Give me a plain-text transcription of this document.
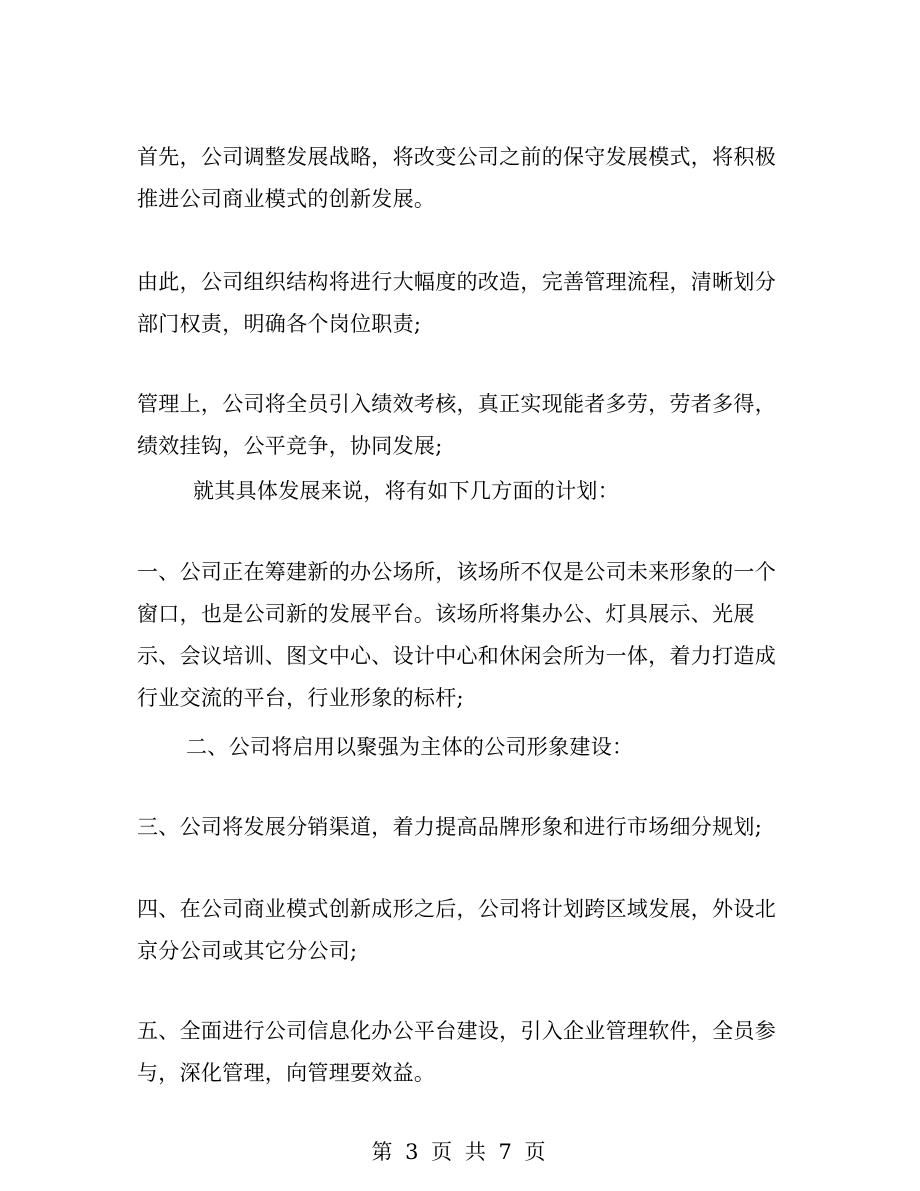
首先，公司调整发展战略，将改变公司之前的保守发展模式，将积极推进公司商业模式的创新发展。

由此，公司组织结构将进行大幅度的改造，完善管理流程，清晰划分部门权责，明确各个岗位职责;

管理上，公司将全员引入绩效考核，真正实现能者多劳，劳者多得，绩效挂钩，公平竞争，协同发展;

就其具体发展来说，将有如下几方面的计划：

一、公司正在筹建新的办公场所，该场所不仅是公司未来形象的一个窗口，也是公司新的发展平台。该场所将集办公、灯具展示、光展示、会议培训、图文中心、设计中心和休闲会所为一体，着力打造成行业交流的平台，行业形象的标杆;

二、公司将启用以聚强为主体的公司形象建设：

三、公司将发展分销渠道，着力提高品牌形象和进行市场细分规划;

四、在公司商业模式创新成形之后，公司将计划跨区域发展，外设北京分公司或其它分公司;

五、全面进行公司信息化办公平台建设，引入企业管理软件，全员参与，深化管理，向管理要效益。

第 3 页 共 7 页
